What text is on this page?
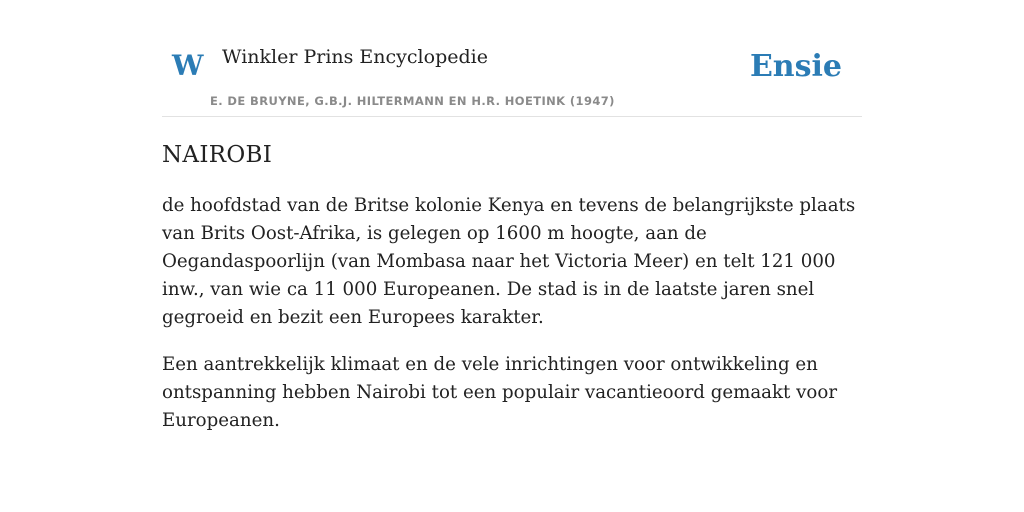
W Winkler Prins Encyclopedie
E. DE BRUYNE, G.B.J. HILTERMANN EN H.R. HOETINK (1947)
Ensie
NAIROBI

de hoofdstad van de Britse kolonie Kenya en tevens de belangrijkste plaats van Brits Oost-Afrika, is gelegen op 1600 m hoogte, aan de Oegandaspoorlijn (van Mombasa naar het Victoria Meer) en telt 121 000 inw., van wie ca 11 000 Europeanen. De stad is in de laatste jaren snel gegroeid en bezit een Europees karakter.

Een aantrekkelijk klimaat en de vele inrichtingen voor ontwikkeling en ontspanning hebben Nairobi tot een populair vacantieoord gemaakt voor Europeanen.
